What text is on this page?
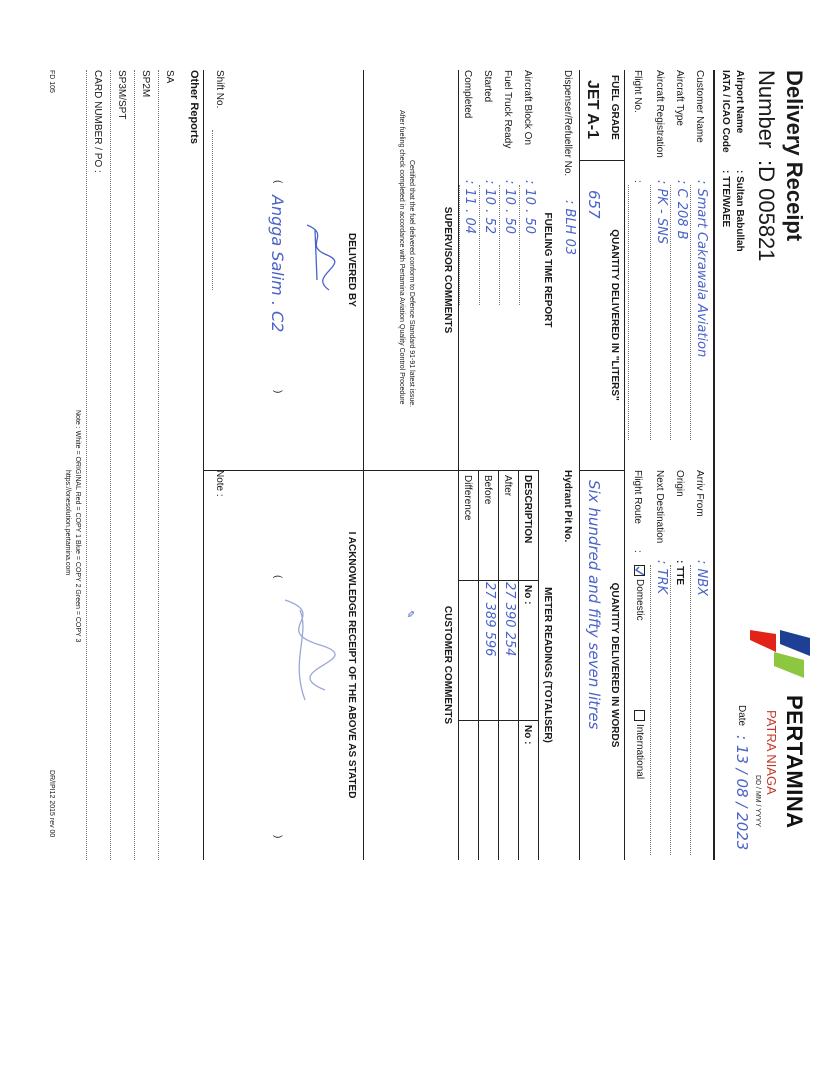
Delivery Receipt
Number
:D 005821
Airport Name
: Sultan Babullah
IATA / ICAO Code
: TTE/WAEE
PERTAMINA
PATRA NIAGA
DD / MM / YYYY
Date
: 13 / 08 / 2023
Customer Name
: Smart Cakrawala Aviation
Aircraft Type
: C 208 B
Aircraft Registration
: PK - SNS
Flight No.
:
Arriv From
: NBX
Origin
: TTE
Next Destination
: TRK
Flight Route
:
Domestic
International
FUEL GRADE
JET A-1
QUANTITY DELIVERED IN "LITERS"
657
QUANTITY DELIVERED IN WORDS
Six hundred and fifty seven litres
Dispenser/Refueller No.
: BLH 03
Hydrant Pit No.
FUELING TIME REPORT
Aircraft Block On
: 10 . 50
Fuel Truck Ready
: 10 . 50
Started
: 10 . 52
Completed
: 11 . 04
METER READINGS (TOTALISER)
DESCRIPTION
No :
No :
After
27 390 254
Before
27 389 596
Difference
SUPERVISOR COMMENTS
CUSTOMER COMMENTS
Certified that the fuel delivered conform to Defence Standard 91-91 latest issue.
After fueling check completed in accordance with Pertamina Aviation Quality Control Procedure
✎
DELIVERED BY
I ACKNOWLEDGE RECEIPT OF THE ABOVE AS STATED
(
Angga Salim . C2
)
Shift No.
(
)
Note :
Other Reports
SA
SP2M
SP3M/SPT
CARD NUMBER / PO :
Note : White = ORIGINAL Red = COPY 1 Blue = COPY 2 Green = COPY 3
https://onesolution.pertamina.com
FD 105
DR/IPI12 2015 rev 00
